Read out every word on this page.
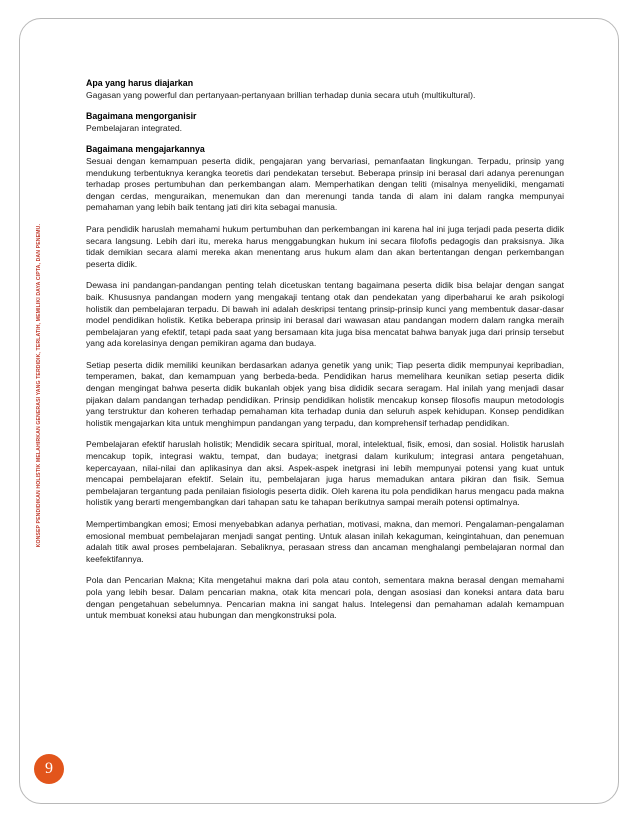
KONSEP PENDIDIKAN HOLISTIK MELAHIRKAN GENERASI YANG TERDIDIK, TERLATIH, MEMILIKI DAYA CIPTA, DAN PENEMU.
Apa yang harus diajarkan

Gagasan yang powerful dan pertanyaan-pertanyaan brillian terhadap dunia secara utuh (multikultural).

Bagaimana mengorganisir

Pembelajaran integrated.

Bagaimana mengajarkannya

Sesuai dengan kemampuan peserta didik, pengajaran yang bervariasi, pemanfaatan lingkungan. Terpadu, prinsip yang mendukung terbentuknya kerangka teoretis dari pendekatan tersebut. Beberapa prinsip ini berasal dari adanya perenungan terhadap proses pertumbuhan dan perkembangan alam. Memperhatikan dengan teliti (misalnya menyelidiki, mengamati dengan cerdas, menguraikan, menemukan dan dan merenungi tanda tanda di alam ini dalam rangka mempunyai pemahaman yang lebih baik tentang jati diri kita sebagai manusia.

Para pendidik haruslah memahami hukum pertumbuhan dan perkembangan ini karena hal ini juga terjadi pada peserta didik secara langsung. Lebih dari itu, mereka harus menggabungkan hukum ini secara filofofis pedagogis dan praksisnya. Jika tidak demikian secara alami mereka akan menentang arus hukum alam dan akan bertentangan dengan perkembangan peserta didik.

Dewasa ini pandangan-pandangan penting telah dicetuskan tentang bagaimana peserta didik bisa belajar dengan sangat baik. Khususnya pandangan modern yang mengakaji tentang otak dan pendekatan yang diperbaharui ke arah psikologi holistik dan pembelajaran terpadu. Di bawah ini adalah deskripsi tentang prinsip-prinsip kunci yang membentuk dasar-dasar model pendidikan holistik. Ketika beberapa prinsip ini berasal dari wawasan atau pandangan modern dalam rangka meraih pembelajaran yang efektif, tetapi pada saat yang bersamaan kita juga bisa mencatat bahwa banyak juga dari prinsip tersebut yang ada korelasinya dengan pemikiran agama dan budaya.

Setiap peserta didik memiliki keunikan berdasarkan adanya genetik yang unik; Tiap peserta didik mempunyai kepribadian, temperamen, bakat, dan kemampuan yang berbeda-beda. Pendidikan harus memelihara keunikan setiap peserta didik dengan mengingat bahwa peserta didik bukanlah objek yang bisa dididik secara seragam. Hal inilah yang menjadi dasar pijakan dalam pandangan terhadap pendidikan. Prinsip pendidikan holistik mencakup konsep filosofis maupun metodologis yang terstruktur dan koheren terhadap pemahaman kita terhadap dunia dan seluruh aspek kehidupan. Konsep pendidikan holistik mengajarkan kita untuk menghimpun pandangan yang terpadu, dan komprehensif terhadap pendidikan.

Pembelajaran efektif haruslah holistik; Mendidik secara spiritual, moral, intelektual, fisik, emosi, dan sosial. Holistik haruslah mencakup topik, integrasi waktu, tempat, dan budaya; inetgrasi dalam kurikulum; integrasi antara pengetahuan, kepercayaan, nilai-nilai dan aplikasinya dan aksi. Aspek-aspek inetgrasi ini lebih mempunyai potensi yang kuat untuk mencapai pembelajaran efektif. Selain itu, pembelajaran juga harus memadukan antara pikiran dan fisik. Semua pembelajaran tergantung pada penilaian fisiologis peserta didik. Oleh karena itu pola pendidikan harus mengacu pada makna holistik yang berarti mengembangkan dari tahapan satu ke tahapan berikutnya sampai meraih potensi optimalnya.

Mempertimbangkan emosi; Emosi menyebabkan adanya perhatian, motivasi, makna, dan memori. Pengalaman-pengalaman emosional membuat pembelajaran menjadi sangat penting. Untuk alasan inilah kekaguman, keingintahuan, dan penemuan adalah titik awal proses pembelajaran. Sebaliknya, perasaan stress dan ancaman menghalangi pembelajaran normal dan keefektifannya.

Pola dan Pencarian Makna; Kita mengetahui makna dari pola atau contoh, sementara makna berasal dengan memahami pola yang lebih besar. Dalam pencarian makna, otak kita mencari pola, dengan asosiasi dan koneksi antara data baru dengan pengetahuan sebelumnya. Pencarian makna ini sangat halus. Intelegensi dan pemahaman adalah kemampuan untuk membuat koneksi atau hubungan dan mengkonstruksi pola.

9
